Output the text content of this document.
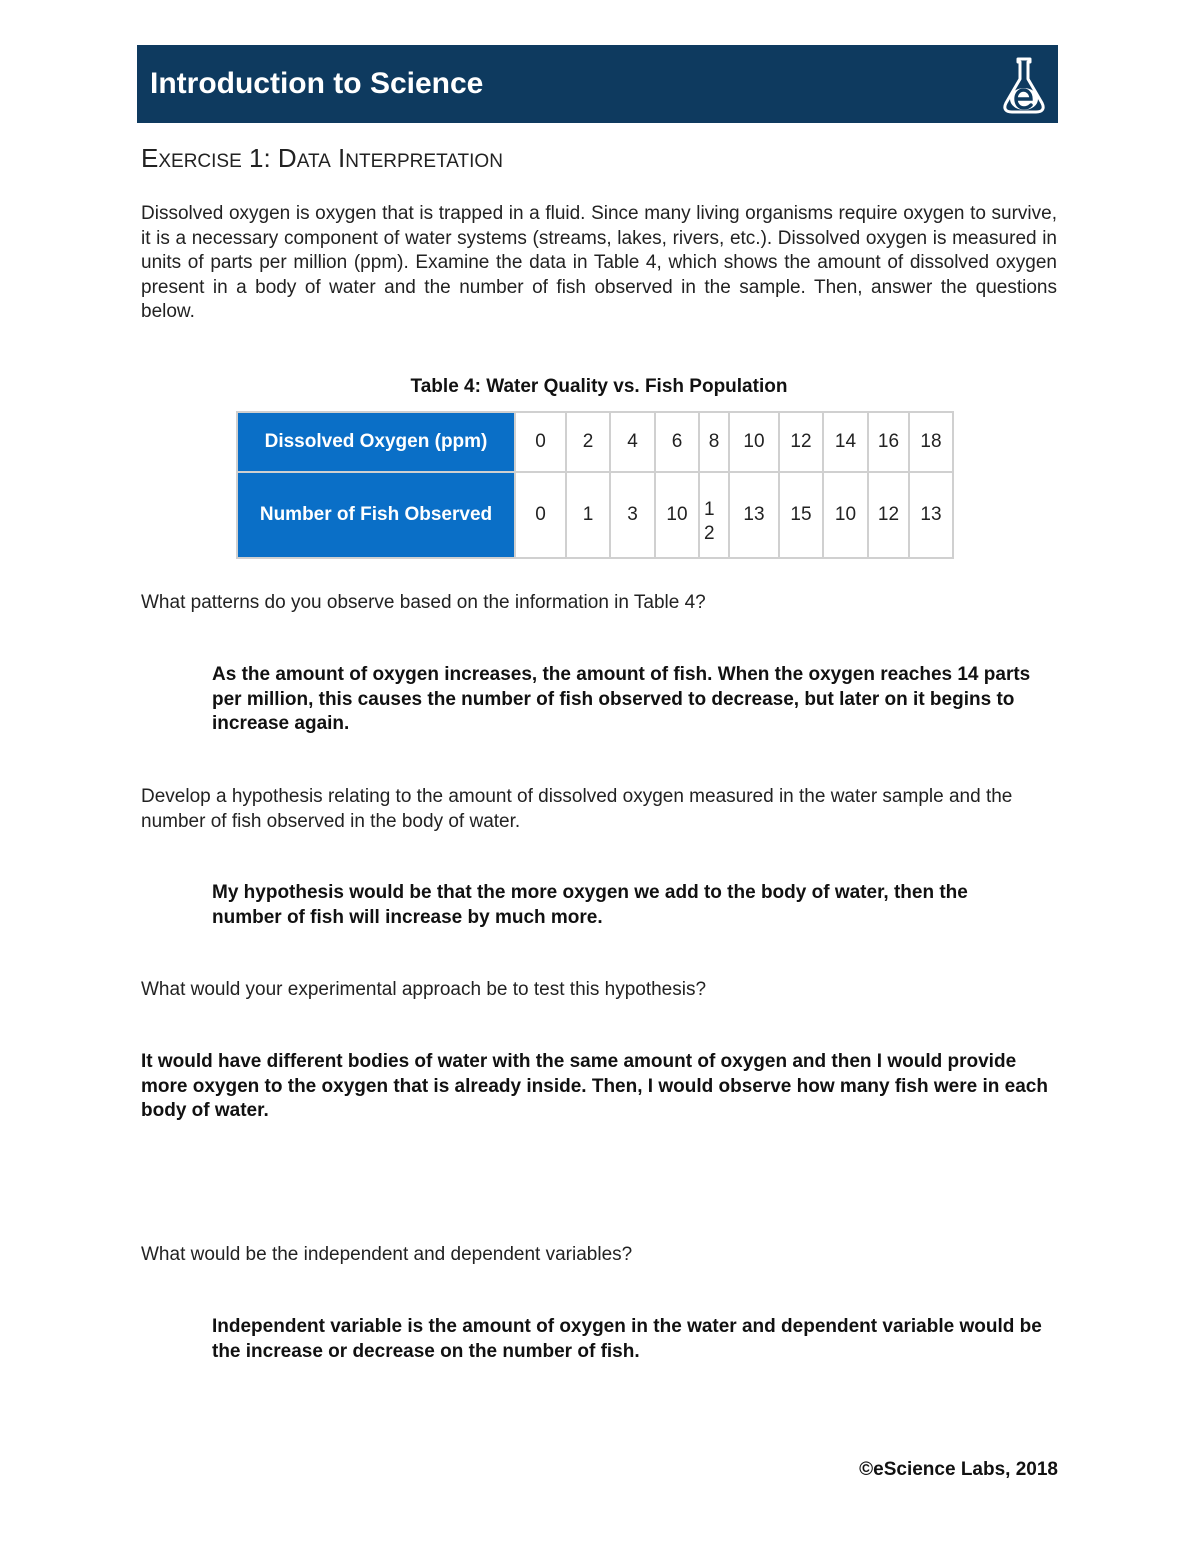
Introduction to Science
EXERCISE 1: DATA INTERPRETATION
Dissolved oxygen is oxygen that is trapped in a fluid. Since many living organisms require oxygen to survive, it is a necessary component of water systems (streams, lakes, rivers, etc.). Dissolved oxygen is measured in units of parts per million (ppm). Examine the data in Table 4, which shows the amount of dissolved oxygen present in a body of water and the number of fish observed in the sample. Then, answer the questions below.
Table 4: Water Quality vs. Fish Population
Dissolved Oxygen (ppm)	0	2	4	6	8	10	12	14	16	18
Number of Fish Observed	0	1	3	10	12	13	15	10	12	13
What patterns do you observe based on the information in Table 4?
As the amount of oxygen increases, the amount of fish. When the oxygen reaches 14 parts per million, this causes the number of fish observed to decrease, but later on it begins to increase again.
Develop a hypothesis relating to the amount of dissolved oxygen measured in the water sample and the number of fish observed in the body of water.
My hypothesis would be that the more oxygen we add to the body of water, then the number of fish will increase by much more.
What would your experimental approach be to test this hypothesis?
It would have different bodies of water with the same amount of oxygen and then I would provide more oxygen to the oxygen that is already inside. Then, I would observe how many fish were in each body of water.
What would be the independent and dependent variables?
Independent variable is the amount of oxygen in the water and dependent variable would be the increase or decrease on the number of fish.
©eScience Labs, 2018
